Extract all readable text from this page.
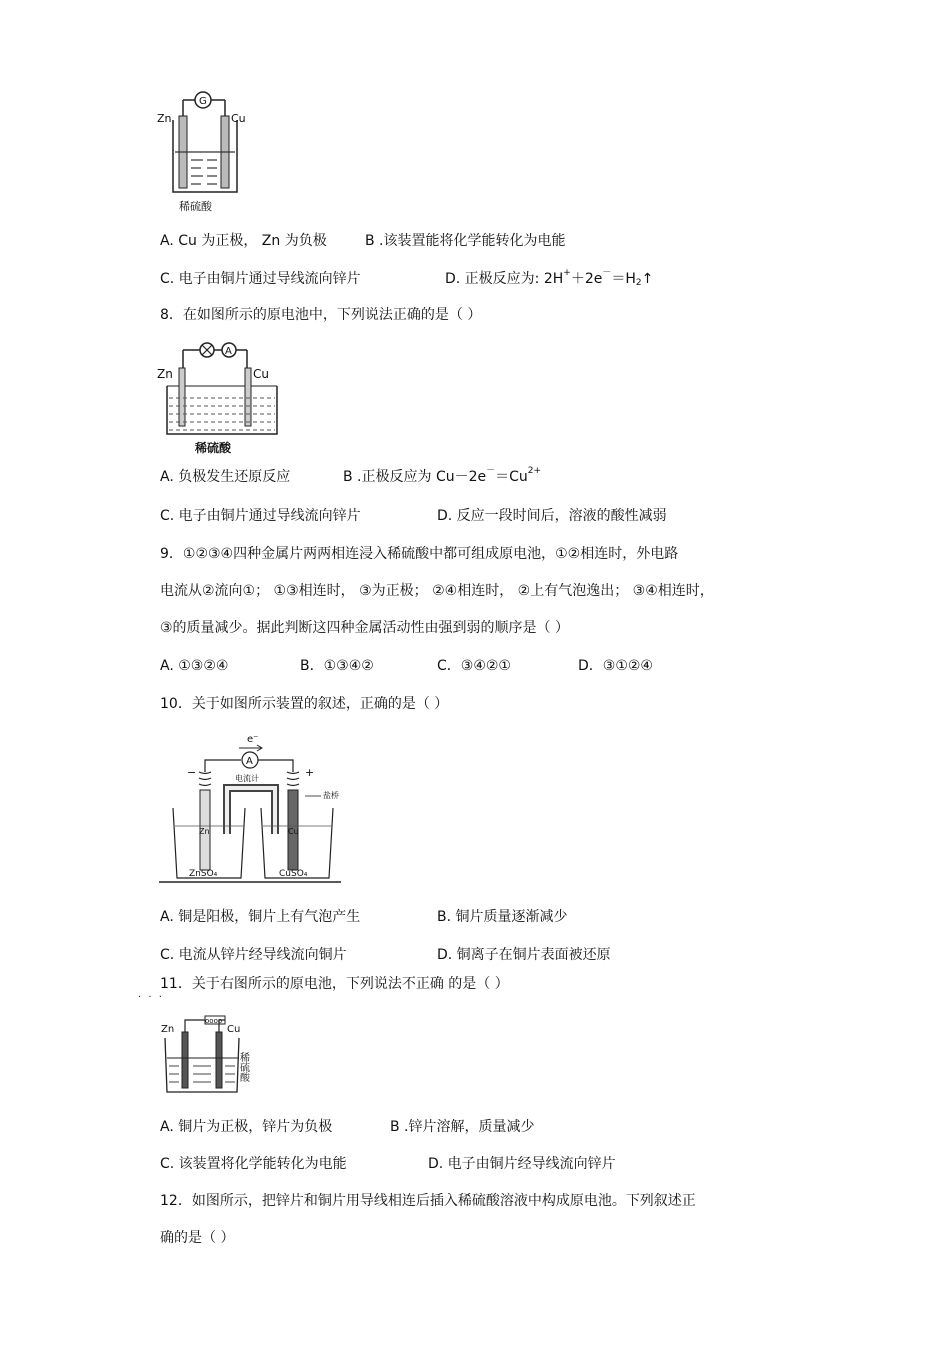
G
Zn	Cu
稀硫酸
A. Cu 为正极， Zn 为负极	B .该装置能将化学能转化为电能
C. 电子由铜片通过导线流向锌片	D. 正极反应为: $2H^++2e^-=H_2↑$
8．在如图所示的原电池中，下列说法正确的是（ ）
A
Zn	Cu
稀硫酸
A. 负极发生还原反应	B .正极反应为 $Cu-2e^-=Cu^{2+}$
C. 电子由铜片通过导线流向锌片	D. 反应一段时间后，溶液的酸性减弱
9．①②③④四种金属片两两相连浸入稀硫酸中都可组成原电池，①②相连时，外电路
电流从②流向①； ①③相连时， ③为正极； ②④相连时， ②上有气泡逸出； ③④相连时，
③的质量减少。据此判断这四种金属活动性由强到弱的顺序是（ ）
A. ①③②④	B．①③④②	C．③④②①	D．③①②④
10．关于如图所示装置的叙述，正确的是（ ）
e⁻
A
电流计
−	+
Zn	Cu
盐桥
ZnSO₄	CuSO₄
A. 铜是阳极，铜片上有气泡产生	B. 铜片质量逐渐减少
C. 电流从锌片经导线流向铜片	D. 铜离子在铜片表面被还原
11．关于右图所示的原电池，下列说法不正确 · · · 的是（ ）
oooo
Zn	Cu
稀硫酸
A. 铜片为正极，锌片为负极	B .锌片溶解，质量减少
C. 该装置将化学能转化为电能	D. 电子由铜片经导线流向锌片
12．如图所示，把锌片和铜片用导线相连后插入稀硫酸溶液中构成原电池。下列叙述正
确的是（ ）
